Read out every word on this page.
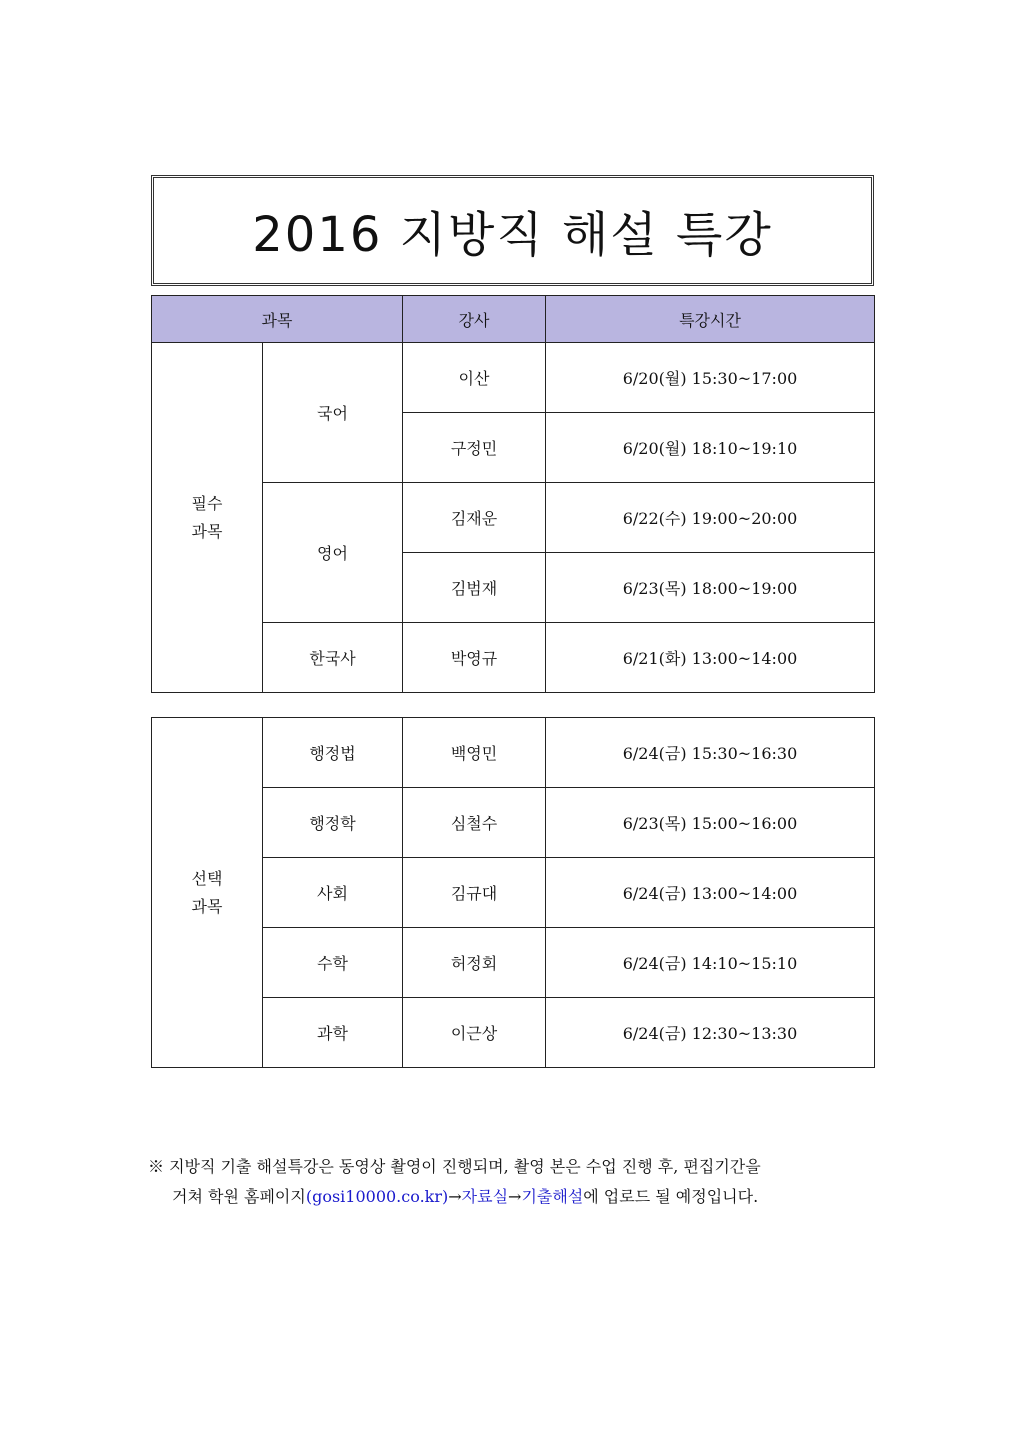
2016 지방직 해설 특강
과목		강사	특강시간

필수
과목	국어	이산	6/20(월) 15:30~17:00
		구정민	6/20(월) 18:10~19:10
	영어	김재운	6/22(수) 19:00~20:00
		김범재	6/23(목) 18:00~19:00
	한국사	박영규	6/21(화) 13:00~14:00
선택
과목	행정법	백영민	6/24(금) 15:30~16:30
	행정학	심철수	6/23(목) 15:00~16:00
	사회	김규대	6/24(금) 13:00~14:00
	수학	허정회	6/24(금) 14:10~15:10
	과학	이근상	6/24(금) 12:30~13:30
※ 지방직 기출 해설특강은 동영상 촬영이 진행되며, 촬영 본은 수업 진행 후, 편집기간을
거쳐 학원 홈페이지(gosi10000.co.kr)→자료실→기출해설에 업로드 될 예정입니다.
